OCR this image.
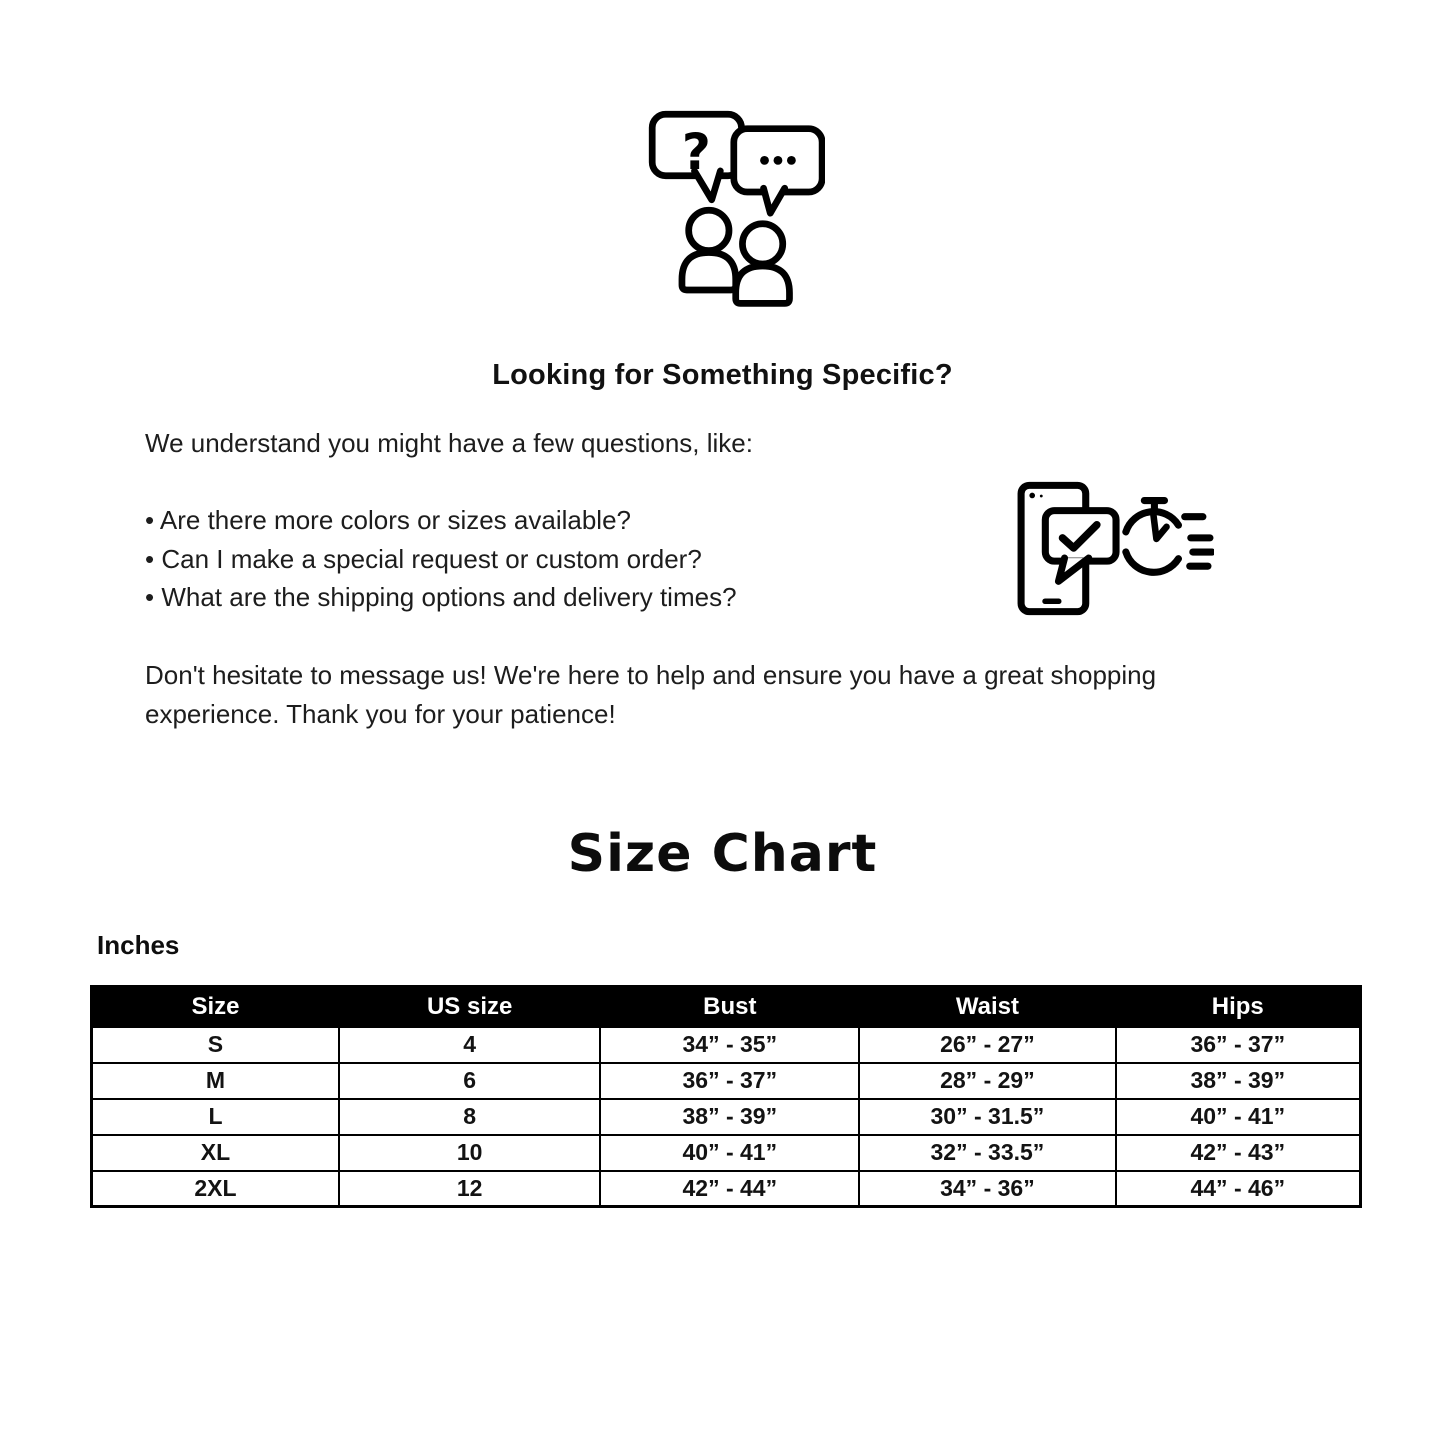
?
Looking for Something Specific?
We understand you might have a few questions, like:
• Are there more colors or sizes available?
• Can I make a special request or custom order?
• What are the shipping options and delivery times?
Don't hesitate to message us! We're here to help and ensure you have a great shopping experience. Thank you for your patience!
Size Chart
Inches
Size	US size	Bust	Waist	Hips
S	4	34” - 35”	26” - 27”	36” - 37”
M	6	36” - 37”	28” - 29”	38” - 39”
L	8	38” - 39”	30” - 31.5”	40” - 41”
XL	10	40” - 41”	32” - 33.5”	42” - 43”
2XL	12	42” - 44”	34” - 36”	44” - 46”
